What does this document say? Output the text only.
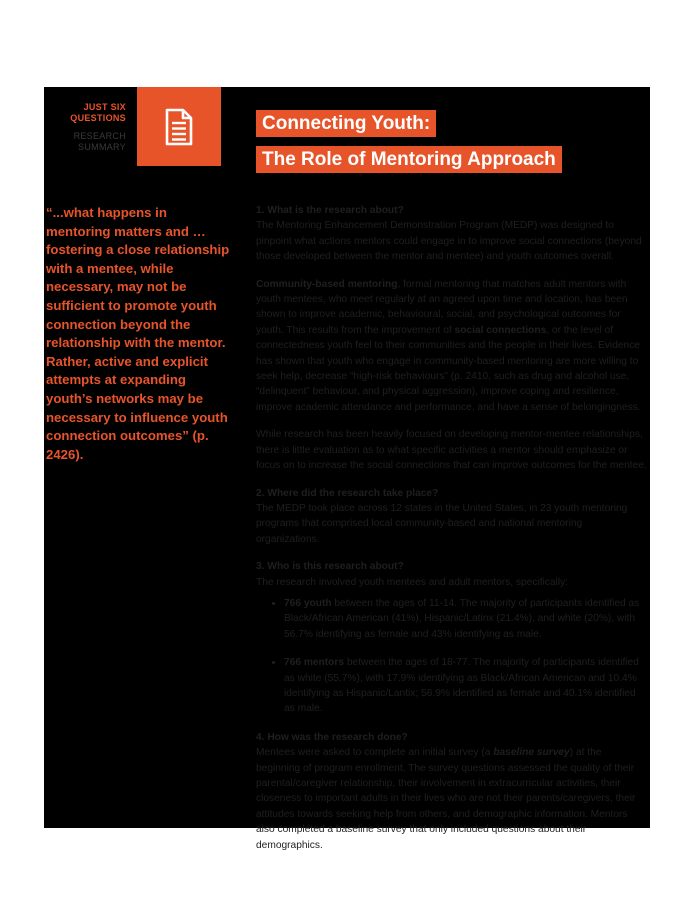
JUST SIX
QUESTIONS
RESEARCH
SUMMARY
Connecting Youth:
The Role of Mentoring Approach

“...what happens in mentoring matters and … fostering a close relationship with a mentee, while necessary, may not be sufficient to promote youth connection beyond the relationship with the mentor. Rather, active and explicit attempts at expanding youth’s networks may be necessary to influence youth connection outcomes” (p. 2426).

1. What is the research about?

The Mentoring Enhancement Demonstration Program (MEDP) was designed to pinpoint what actions mentors could engage in to improve social connections (beyond those developed between the mentor and mentee) and youth outcomes overall.

Community-based mentoring, formal mentoring that matches adult mentors with youth mentees, who meet regularly at an agreed upon time and location, has been shown to improve academic, behavioural, social, and psychological outcomes for youth. This results from the improvement of social connections, or the level of connectedness youth feel to their communities and the people in their lives. Evidence has shown that youth who engage in community-based mentoring are more willing to seek help, decrease “high-risk behaviours” (p. 2410, such as drug and alcohol use, “delinquent” behaviour, and physical aggression), improve coping and resilience, improve academic attendance and performance, and have a sense of belongingness.

While research has been heavily focused on developing mentor-mentee relationships, there is little evaluation as to what specific activities a mentor should emphasize or focus on to increase the social connections that can improve outcomes for the mentee.

2. Where did the research take place?

The MEDP took place across 12 states in the United States, in 23 youth mentoring programs that comprised local community-based and national mentoring organizations.

3. Who is this research about?

The research involved youth mentees and adult mentors, specifically:

• 766 youth between the ages of 11-14. The majority of participants identified as Black/African American (41%), Hispanic/Latinx (21.4%), and white (20%), with 56.7% identifying as female and 43% identifying as male.
• 766 mentors between the ages of 18-77. The majority of participants identified as white (55.7%), with 17.9% identifying as Black/African American and 10.4% identifying as Hispanic/Lantix; 56.9% identified as female and 40.1% identified as male.
4. How was the research done?

Mentees were asked to complete an initial survey (a baseline survey) at the beginning of program enrollment. The survey questions assessed the quality of their parental/caregiver relationship, their involvement in extracurricular activities, their closeness to important adults in their lives who are not their parents/caregivers, their attitudes towards seeking help from others, and demographic information. Mentors also completed a baseline survey that only included questions about their demographics.
